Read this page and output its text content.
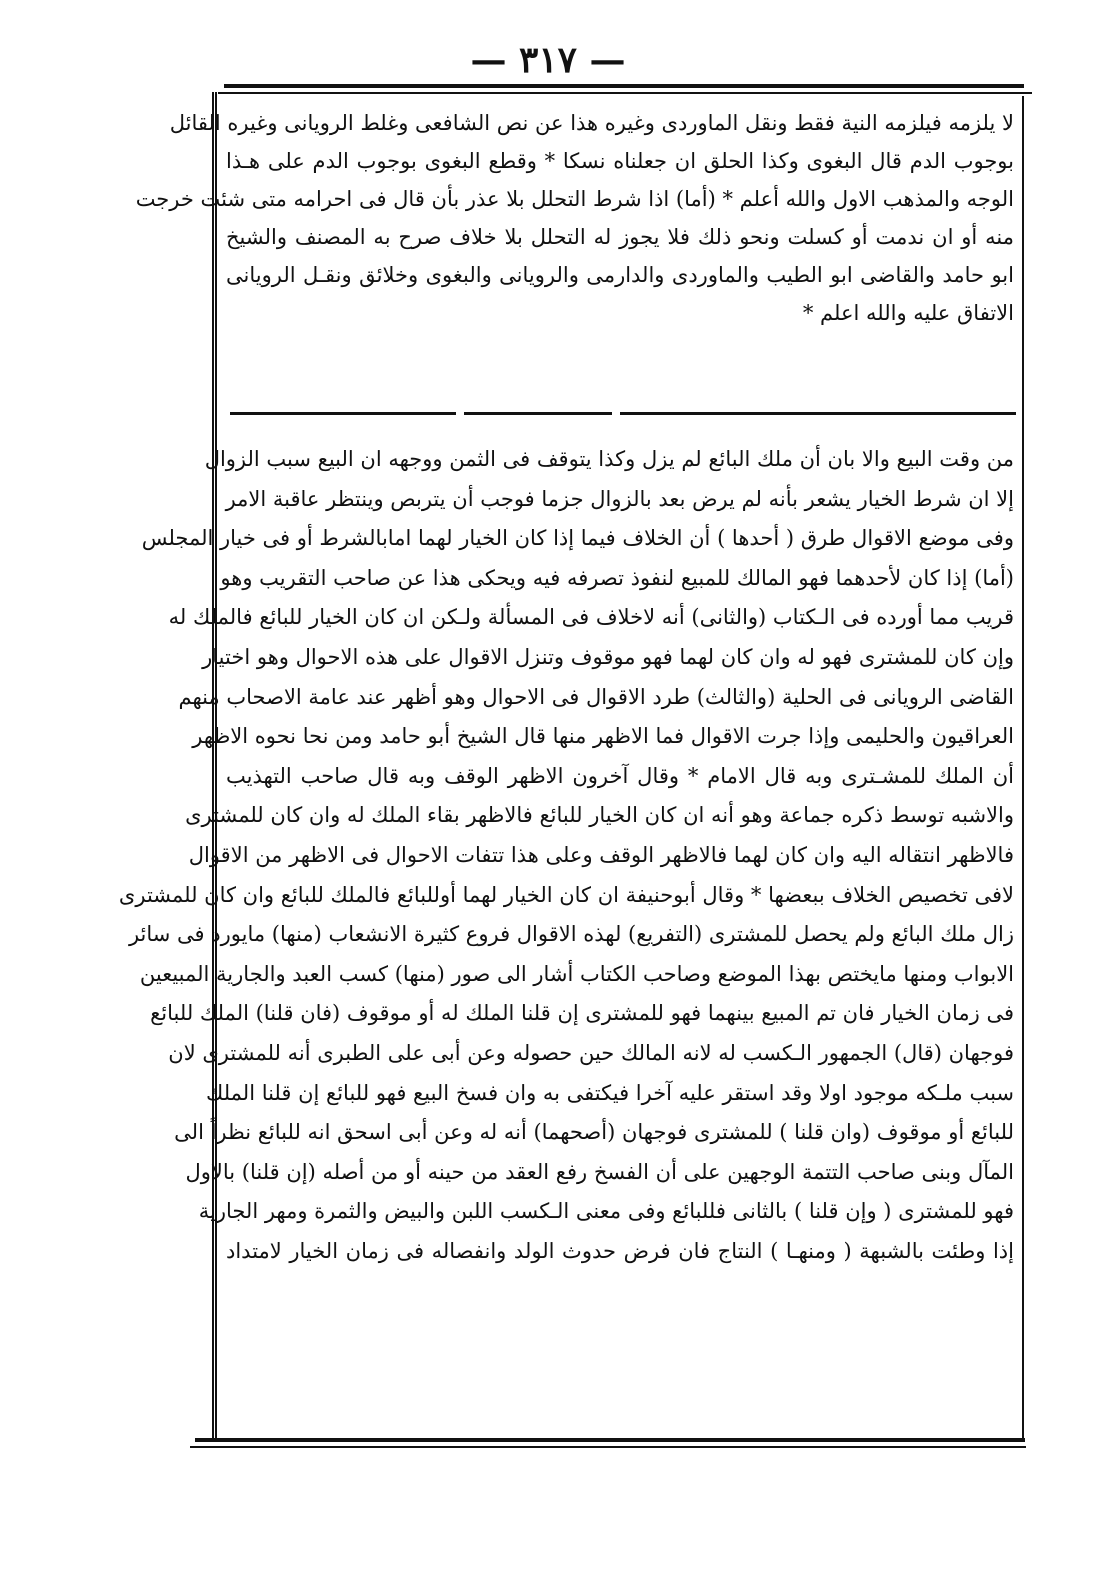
— ٣١٧ —

لا يلزمه فيلزمه النية فقط ونقل الماوردى وغيره هذا عن نص الشافعى وغلط الرويانى وغيره القائل

بوجوب الدم قال البغوى وكذا الحلق ان جعلناه نسكا * وقطع البغوى بوجوب الدم على هـذا

الوجه والمذهب الاول والله أعلم * (أما) اذا شرط التحلل بلا عذر بأن قال فى احرامه متى شئت خرجت

منه أو ان ندمت أو كسلت ونحو ذلك فلا يجوز له التحلل بلا خلاف صرح به المصنف والشيخ

ابو حامد والقاضى ابو الطيب والماوردى والدارمى والرويانى والبغوى وخلائق ونقـل الرويانى

الاتفاق عليه والله اعلم *

من وقت البيع والا بان أن ملك البائع لم يزل وكذا يتوقف فى الثمن ووجهه ان البيع سبب الزوال

إلا ان شرط الخيار يشعر بأنه لم يرض بعد بالزوال جزما فوجب أن يتربص وينتظر عاقبة الامر

وفى موضع الاقوال طرق ( أحدها ) أن الخلاف فيما إذا كان الخيار لهما امابالشرط أو فى خيار المجلس

(أما) إذا كان لأحدهما فهو المالك للمبيع لنفوذ تصرفه فيه ويحكى هذا عن صاحب التقريب وهو

قريب مما أورده فى الـكتاب (والثانى) أنه لاخلاف فى المسألة ولـكن ان كان الخيار للبائع فالملك له

وإن كان للمشترى فهو له وان كان لهما فهو موقوف وتنزل الاقوال على هذه الاحوال وهو اختيار

القاضى الرويانى فى الحلية (والثالث) طرد الاقوال فى الاحوال وهو أظهر عند عامة الاصحاب منهم

العراقيون والحليمى وإذا جرت الاقوال فما الاظهر منها قال الشيخ أبو حامد ومن نحا نحوه الاظهر

أن الملك للمشـترى وبه قال الامام * وقال آخرون الاظهر الوقف وبه قال صاحب التهذيب

والاشبه توسط ذكره جماعة وهو أنه ان كان الخيار للبائع فالاظهر بقاء الملك له وان كان للمشترى

فالاظهر انتقاله اليه وان كان لهما فالاظهر الوقف وعلى هذا تتفات الاحوال فى الاظهر من الاقوال

لافى تخصيص الخلاف ببعضها * وقال أبوحنيفة ان كان الخيار لهما أوللبائع فالملك للبائع وان كان للمشترى

زال ملك البائع ولم يحصل للمشترى (التفريع) لهذه الاقوال فروع كثيرة الانشعاب (منها) مايورد فى سائر

الابواب ومنها مايختص بهذا الموضع وصاحب الكتاب أشار الى صور (منها) كسب العبد والجارية المبيعين

فى زمان الخيار فان تم المبيع بينهما فهو للمشترى إن قلنا الملك له أو موقوف (فان قلنا) الملك للبائع

فوجهان (قال) الجمهور الـكسب له لانه المالك حين حصوله وعن أبى على الطبرى أنه للمشترى لان

سبب ملـكه موجود اولا وقد استقر عليه آخرا فيكتفى به وان فسخ البيع فهو للبائع إن قلنا الملك

للبائع أو موقوف (وان قلنا ) للمشترى فوجهان (أصحهما) أنه له وعن أبى اسحق انه للبائع نظراً الى

المآل وبنى صاحب التتمة الوجهين على أن الفسخ رفع العقد من حينه أو من أصله (إن قلنا) بالاول

فهو للمشترى ( وإن قلنا ) بالثانى فللبائع وفى معنى الـكسب اللبن والبيض والثمرة ومهر الجارية

إذا وطئت بالشبهة ( ومنهـا ) النتاج فان فرض حدوث الولد وانفصاله فى زمان الخيار لامتداد
